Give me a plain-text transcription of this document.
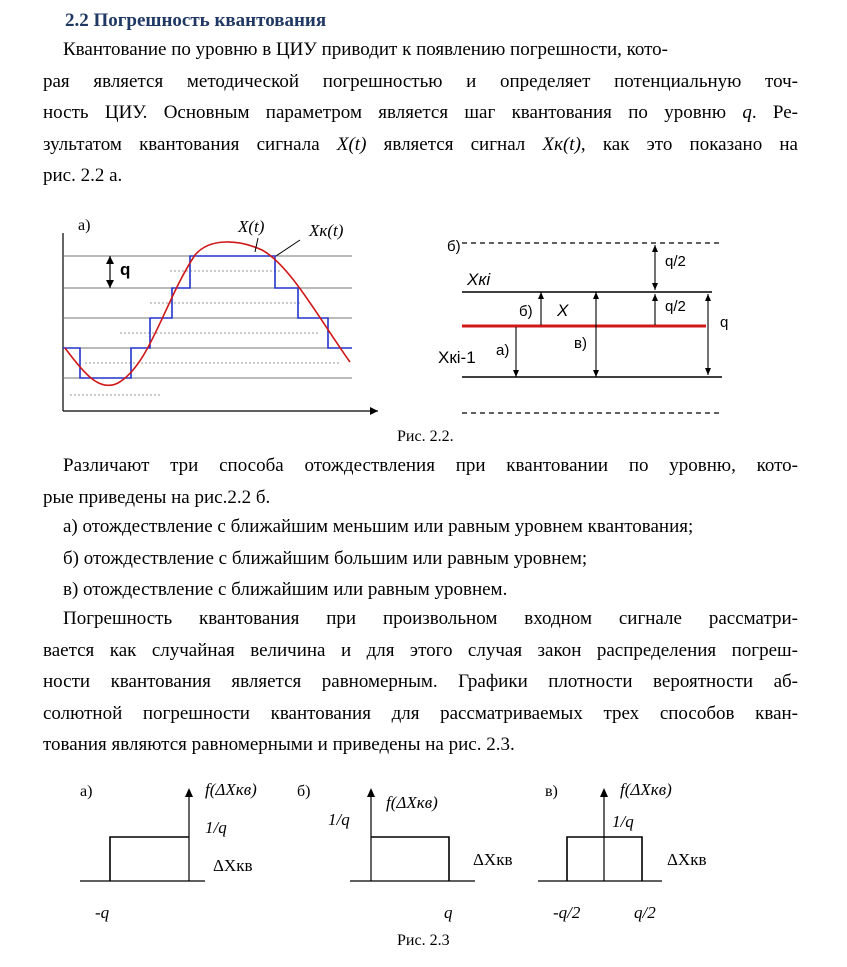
2.2 Погрешность квантования
Квантование по уровню в ЦИУ приводит к появлению погрешности, кото-
рая является методической погрешностью и определяет потенциальную точ-
ность ЦИУ. Основным параметром является шаг квантования по уровню q. Ре-
зультатом квантования сигнала X(t) является сигнал Xк(t), как это показано на
рис. 2.2 а.
а)	X(t)	Xк(t)
q
б)
Xкi
Xкi-1
б) X
а)	в)
q/2
q/2
q
Рис. 2.2.
Различают три способа отождествления при квантовании по уровню, кото-
рые приведены на рис.2.2 б.
а) отождествление с ближайшим меньшим или равным уровнем квантования;
б) отождествление с ближайшим большим или равным уровнем;
в) отождествление с ближайшим или равным уровнем.
Погрешность квантования при произвольном входном сигнале рассматри-
вается как случайная величина и для этого случая закон распределения погреш-
ности квантования является равномерным. Графики плотности вероятности аб-
солютной погрешности квантования для рассматриваемых трех способов кван-
тования являются равномерными и приведены на рис. 2.3.
а)	f(ΔXкв)
1/q
ΔXкв
-q
б)
f(ΔXкв)
1/q
ΔXкв
q
в)	f(ΔXкв)
1/q
ΔXкв
-q/2	q/2
Рис. 2.3
